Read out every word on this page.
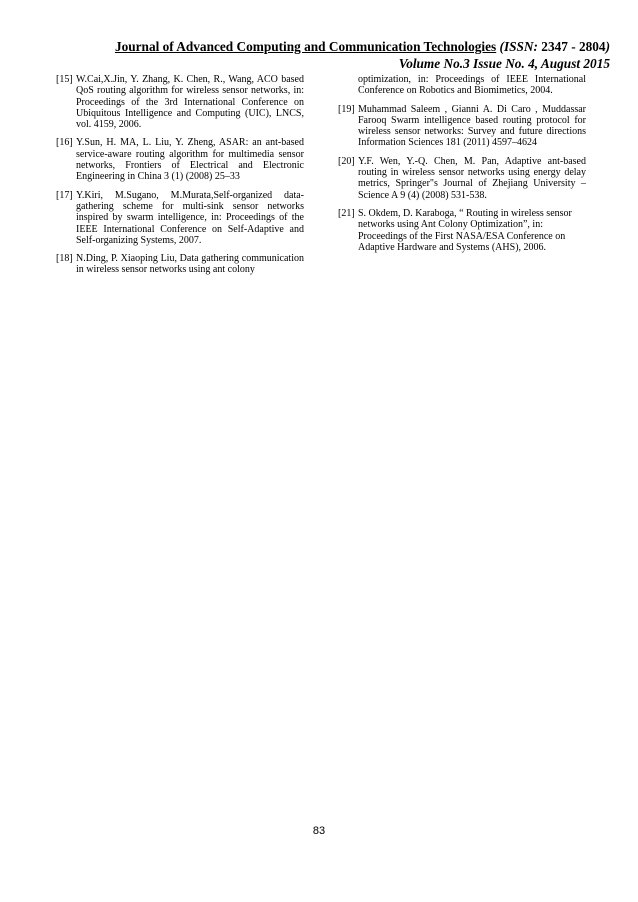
Journal of Advanced Computing and Communication Technologies (ISSN: 2347 - 2804)
Volume No.3 Issue No. 4, August 2015
[15] W.Cai,X.Jin, Y. Zhang, K. Chen, R., Wang, ACO based QoS routing algorithm for wireless sensor networks, in: Proceedings of the 3rd International Conference on Ubiquitous Intelligence and Computing (UIC), LNCS, vol. 4159, 2006.
[16] Y.Sun, H. MA, L. Liu, Y. Zheng, ASAR: an ant-based service-aware routing algorithm for multimedia sensor networks, Frontiers of Electrical and Electronic Engineering in China 3 (1) (2008) 25–33
[17] Y.Kiri, M.Sugano, M.Murata,Self-organized data-gathering scheme for multi-sink sensor networks inspired by swarm intelligence, in: Proceedings of the IEEE International Conference on Self-Adaptive and Self-organizing Systems, 2007.
[18] N.Ding, P. Xiaoping Liu, Data gathering communication in wireless sensor networks using ant colony
optimization, in: Proceedings of IEEE International Conference on Robotics and Biomimetics, 2004.
[19] Muhammad Saleem , Gianni A. Di Caro , Muddassar Farooq Swarm intelligence based routing protocol for wireless sensor networks: Survey and future directions Information Sciences 181 (2011) 4597–4624
[20] Y.F. Wen, Y.-Q. Chen, M. Pan, Adaptive ant-based routing in wireless sensor networks using energy delay metrics, Springer"s Journal of Zhejiang University – Science A 9 (4) (2008) 531-538.
[21] S. Okdem, D. Karaboga, “ Routing in wireless sensor networks using Ant Colony Optimization”, in: Proceedings of the First NASA/ESA Conference on Adaptive Hardware and Systems (AHS), 2006.
83
